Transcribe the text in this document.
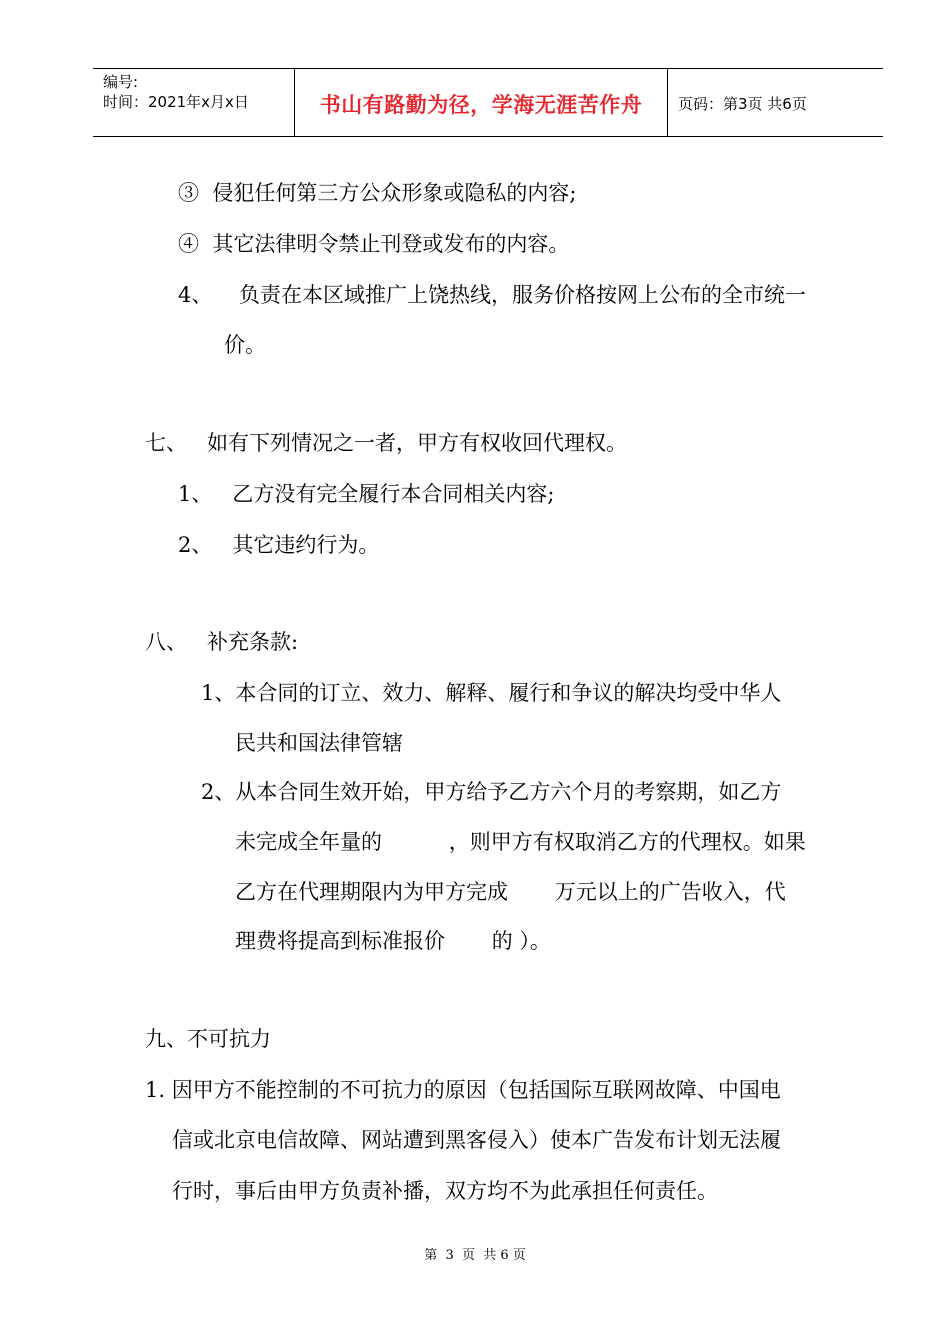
编号:
时间：2021年x月x日	书山有路勤为径，学海无涯苦作舟	页码：第3页 共6页
③  侵犯任何第三方公众形象或隐私的内容;
④  其它法律明令禁止刊登或发布的内容。
4、    负责在本区域推广上饶热线，服务价格按网上公布的全市统一
价。
七、   如有下列情况之一者，甲方有权收回代理权。
1、   乙方没有完全履行本合同相关内容;
2、   其它违约行为。
八、   补充条款:
1、本合同的订立、效力、解释、履行和争议的解决均受中华人
民共和国法律管辖
2、从本合同生效开始，甲方给予乙方六个月的考察期，如乙方
未完成全年量的          ，则甲方有权取消乙方的代理权。如果
乙方在代理期限内为甲方完成       万元以上的广告收入，代
理费将提高到标准报价       的 ）。
九、不可抗力
1. 因甲方不能控制的不可抗力的原因（包括国际互联网故障、中国电
信或北京电信故障、网站遭到黑客侵入）使本广告发布计划无法履
行时，事后由甲方负责补播，双方均不为此承担任何责任。
第  3  页  共 6 页
